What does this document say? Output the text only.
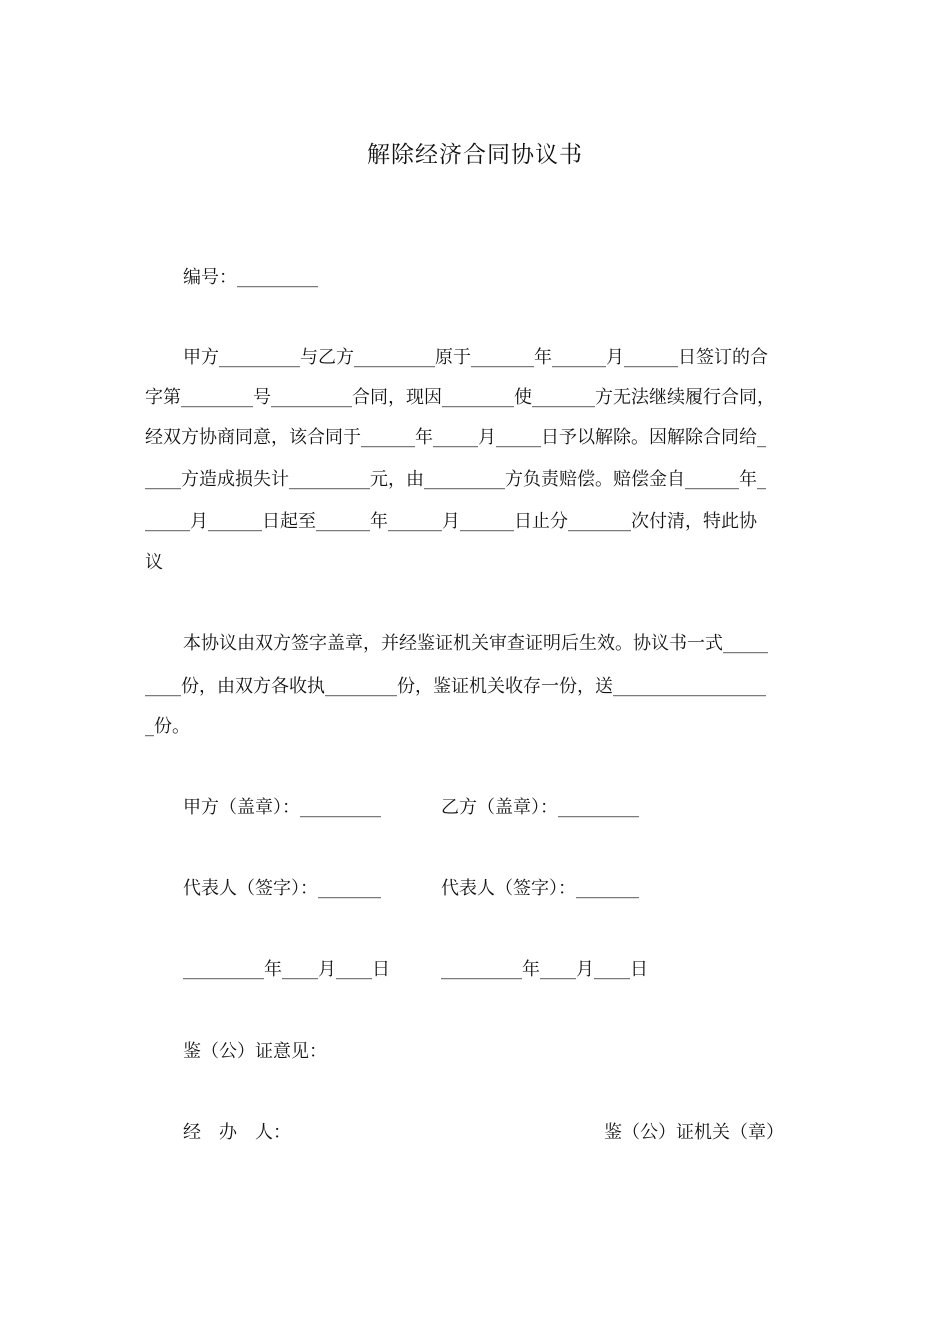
解除经济合同协议书
编号：_________
甲方_________与乙方_________原于_______年______月______日签订的合
字第________号_________合同，现因________使_______方无法继续履行合同，
经双方协商同意，该合同于______年_____月_____日予以解除。因解除合同给_
____方造成损失计_________元，由_________方负责赔偿。赔偿金自______年_
_____月______日起至______年______月______日止分_______次付清，特此协
议
本协议由双方签字盖章，并经鉴证机关审查证明后生效。协议书一式_____
____份，由双方各收执________份，鉴证机关收存一份，送_________________
_份。
甲方（盖章）：_________	乙方（盖章）：_________
代表人（签字）：_______	代表人（签字）：_______
_________年____月____日	_________年____月____日
鉴（公）证意见：
经　办　人：	鉴（公）证机关（章）
